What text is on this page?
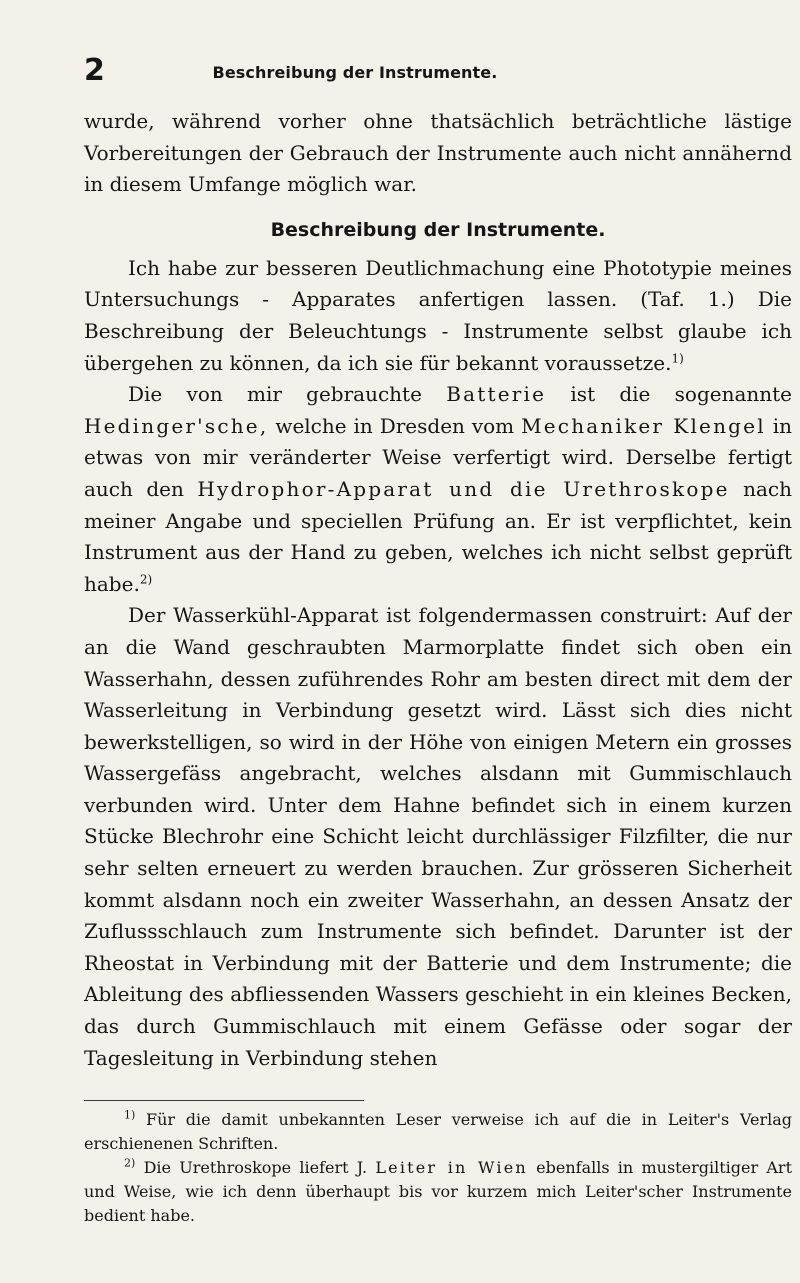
2	Beschreibung der Instrumente.

wurde, während vorher ohne thatsächlich beträchtliche lästige Vorbereitungen der Gebrauch der Instrumente auch nicht annähernd in diesem Umfange möglich war.

Beschreibung der Instrumente.

Ich habe zur besseren Deutlichmachung eine Phototypie meines Untersuchungs - Apparates anfertigen lassen. (Taf. 1.) Die Beschreibung der Beleuchtungs - Instrumente selbst glaube ich übergehen zu können, da ich sie für bekannt voraussetze.$^{1)}$

Die von mir gebrauchte Batterie ist die sogenannte Hedinger'sche, welche in Dresden vom Mechaniker Klengel in etwas von mir veränderter Weise verfertigt wird. Derselbe fertigt auch den Hydrophor-Apparat und die Urethroskope nach meiner Angabe und speciellen Prüfung an. Er ist verpflichtet, kein Instrument aus der Hand zu geben, welches ich nicht selbst geprüft habe.$^{2)}$

Der Wasserkühl-Apparat ist folgendermassen construirt: Auf der an die Wand geschraubten Marmorplatte findet sich oben ein Wasserhahn, dessen zuführendes Rohr am besten direct mit dem der Wasserleitung in Verbindung gesetzt wird. Lässt sich dies nicht bewerkstelligen, so wird in der Höhe von einigen Metern ein grosses Wassergefäss angebracht, welches alsdann mit Gummischlauch verbunden wird. Unter dem Hahne befindet sich in einem kurzen Stücke Blechrohr eine Schicht leicht durchlässiger Filzfilter, die nur sehr selten erneuert zu werden brauchen. Zur grösseren Sicherheit kommt alsdann noch ein zweiter Wasserhahn, an dessen Ansatz der Zuflussschlauch zum Instrumente sich befindet. Darunter ist der Rheostat in Verbindung mit der Batterie und dem Instrumente; die Ableitung des abfliessenden Wassers geschieht in ein kleines Becken, das durch Gummischlauch mit einem Gefässe oder sogar der Tagesleitung in Verbindung stehen

$^{1)}$ Für die damit unbekannten Leser verweise ich auf die in Leiter's Verlag erschienenen Schriften.

$^{2)}$ Die Urethroskope liefert J. Leiter in Wien ebenfalls in mustergiltiger Art und Weise, wie ich denn überhaupt bis vor kurzem mich Leiter'scher Instrumente bedient habe.
